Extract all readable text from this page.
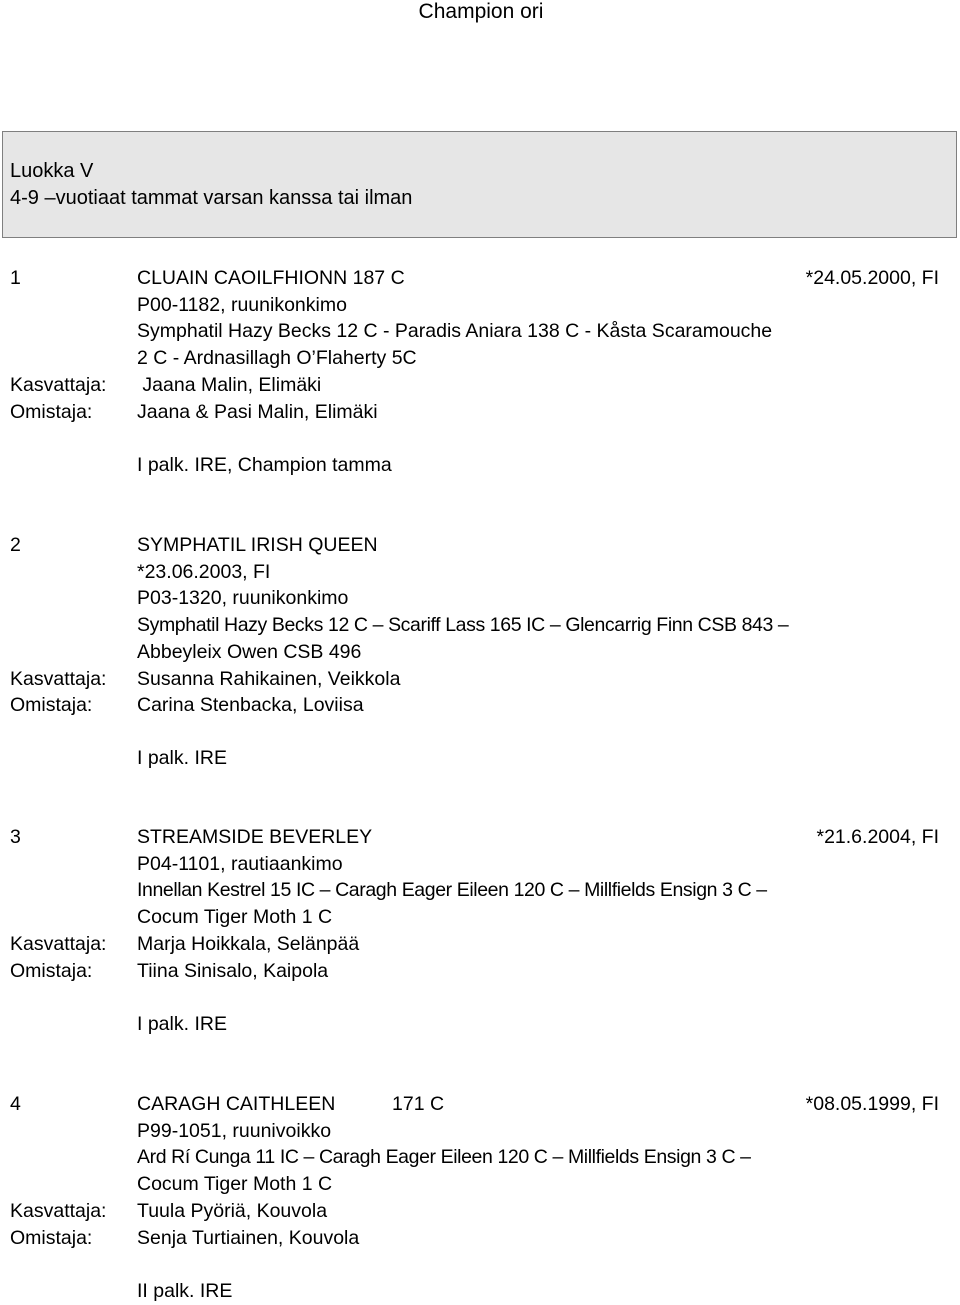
Champion ori
Luokka V
4-9 –vuotiaat tammat varsan kanssa tai ilman
1	CLUAIN CAOILFHIONN 187 C	*24.05.2000, FI
P00-1182, ruunikonkimo
Symphatil Hazy Becks 12 C - Paradis Aniara 138 C - Kåsta Scaramouche
2 C - Ardnasillagh O’Flaherty 5C
Kasvattaja: Jaana Malin, Elimäki
Omistaja: Jaana & Pasi Malin, Elimäki
I palk. IRE, Champion tamma
2	SYMPHATIL IRISH QUEEN
*23.06.2003, FI
P03-1320, ruunikonkimo
Symphatil Hazy Becks 12 C – Scariff Lass 165 IC – Glencarrig Finn CSB 843 –
Abbeyleix Owen CSB 496
Kasvattaja: Susanna Rahikainen, Veikkola
Omistaja: Carina Stenbacka, Loviisa
I palk. IRE
3	STREAMSIDE BEVERLEY	*21.6.2004, FI
P04-1101, rautiaankimo
Innellan Kestrel 15 IC – Caragh Eager Eileen 120 C – Millfields Ensign 3 C –
Cocum Tiger Moth 1 C
Kasvattaja: Marja Hoikkala, Selänpää
Omistaja: Tiina Sinisalo, Kaipola
I palk. IRE
4	CARAGH CAITHLEEN	171 C	*08.05.1999, FI
P99-1051, ruunivoikko
Ard Rí Cunga 11 IC – Caragh Eager Eileen 120 C – Millfields Ensign 3 C –
Cocum Tiger Moth 1 C
Kasvattaja: Tuula Pyöriä, Kouvola
Omistaja: Senja Turtiainen, Kouvola
II palk. IRE
